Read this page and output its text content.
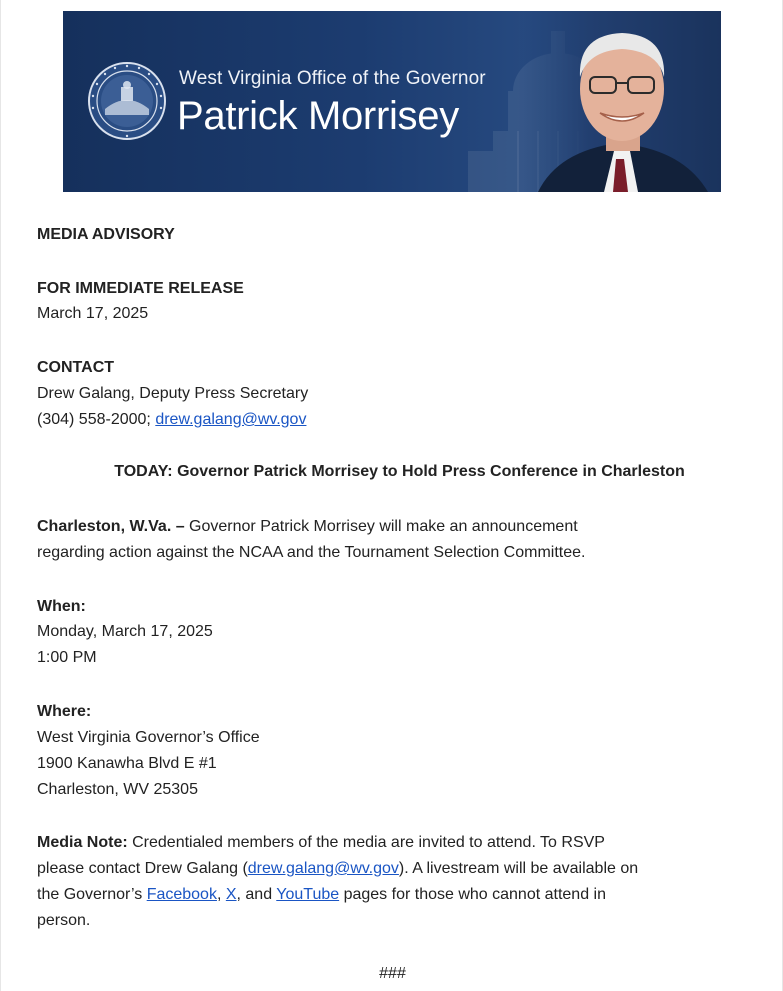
West Virginia Office of the Governor
Patrick Morrisey
MEDIA ADVISORY
FOR IMMEDIATE RELEASE
March 17, 2025
CONTACT
Drew Galang, Deputy Press Secretary
(304) 558-2000; drew.galang@wv.gov
TODAY: Governor Patrick Morrisey to Hold Press Conference in Charleston
Charleston, W.Va. – Governor Patrick Morrisey will make an announcement
regarding action against the NCAA and the Tournament Selection Committee.
When:
Monday, March 17, 2025
1:00 PM
Where:
West Virginia Governor’s Office
1900 Kanawha Blvd E #1
Charleston, WV 25305
Media Note: Credentialed members of the media are invited to attend. To RSVP
please contact Drew Galang (drew.galang@wv.gov). A livestream will be available on
the Governor’s Facebook, X, and YouTube pages for those who cannot attend in
person.
###
